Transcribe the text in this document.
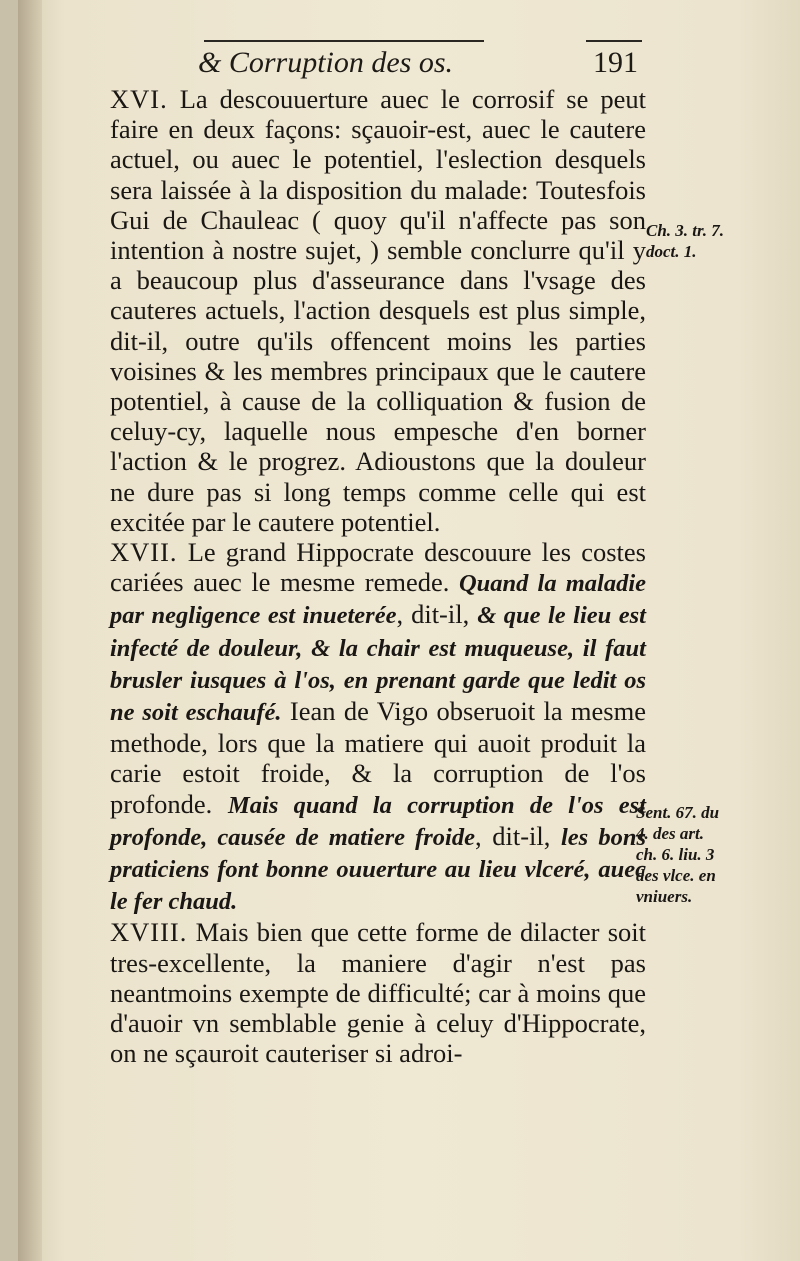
& Corruption des os.	191

XVI. La descouuerture auec le corrosif se peut faire en deux façons: sçauoir-est, auec le cautere actuel, ou auec le potentiel, l'eslection desquels sera laissée à la disposition du malade: Toutesfois Gui de Chauleac ( quoy qu'il n'affecte pas son intention à nostre sujet, ) semble conclurre qu'il y a beaucoup plus d'asseurance dans l'vsage des cauteres actuels, l'action desquels est plus simple, dit-il, outre qu'ils offencent moins les parties voisines & les membres principaux que le cautere potentiel, à cause de la colliquation & fusion de celuy-cy, laquelle nous empesche d'en borner l'action & le progrez. Adioustons que la douleur ne dure pas si long temps comme celle qui est excitée par le cautere potentiel.

XVII. Le grand Hippocrate descouure les costes cariées auec le mesme remede. Quand la maladie par negligence est inueterée, dit-il, & que le lieu est infecté de douleur, & la chair est muqueuse, il faut brusler iusques à l'os, en prenant garde que ledit os ne soit eschaufé. Iean de Vigo obseruoit la mesme methode, lors que la matiere qui auoit produit la carie estoit froide, & la corruption de l'os profonde. Mais quand la corruption de l'os est profonde, causée de matiere froide, dit-il, les bons praticiens font bonne ouuerture au lieu vlceré, auec le fer chaud.

XVIII. Mais bien que cette forme de dilacter soit tres-excellente, la maniere d'agir n'est pas neantmoins exempte de difficulté; car à moins que d'auoir vn semblable genie à celuy d'Hippocrate, on ne sçauroit cauteriser si adroi-

Ch. 3. tr. 7.
doct. 1.
Sent. 67. du
4. des art.
ch. 6. liu. 3
des vlce. en
vniuers.
